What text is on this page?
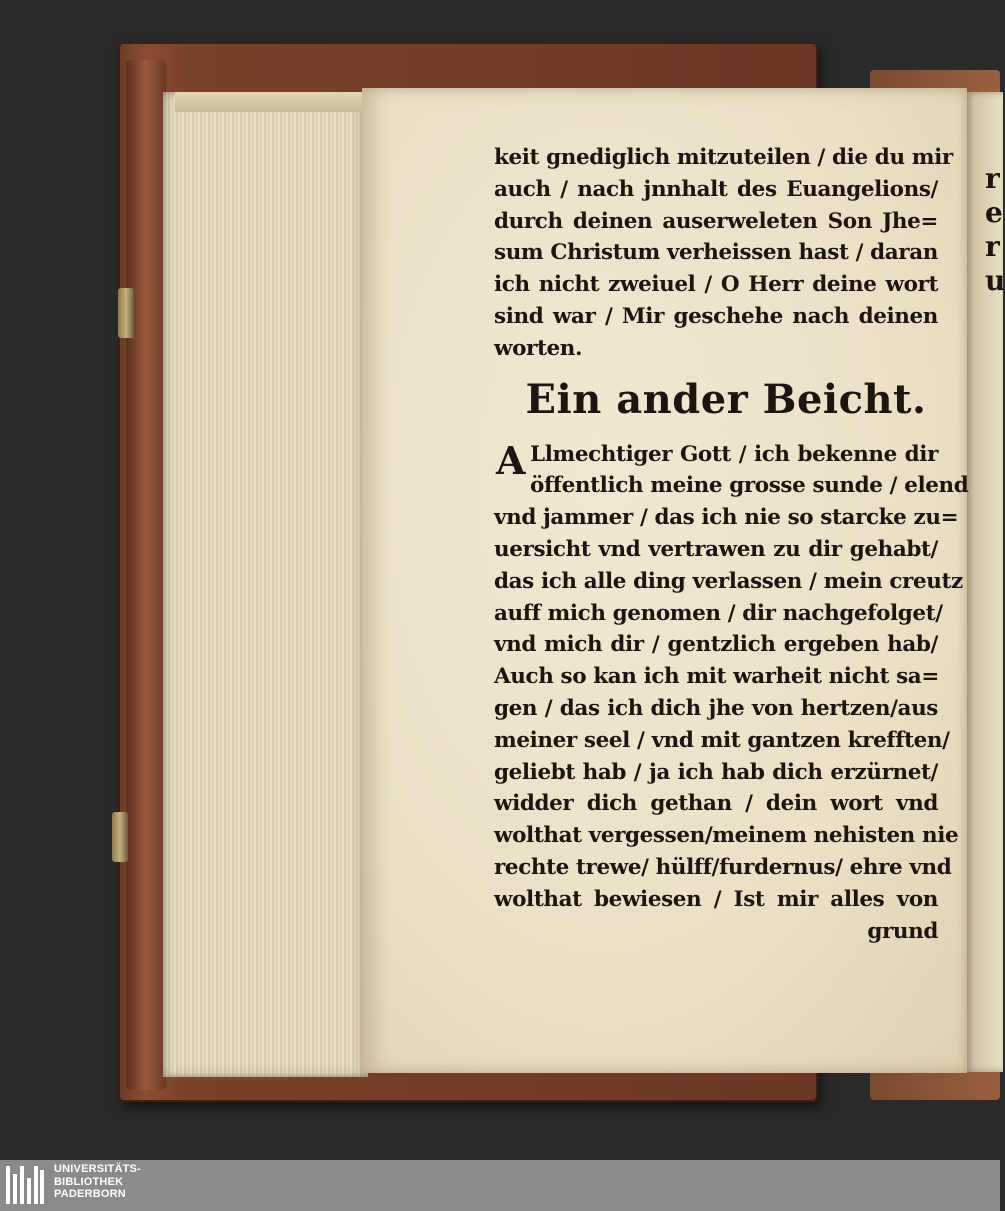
r
e
r
u
keit gnediglich mitzuteilen / die du mir
auch / nach jnnhalt des Euangelions/
durch deinen auserweleten Son Jhe=
sum Christum verheissen hast / daran
ich nicht zweiuel / O Herr deine wort
sind war / Mir geschehe nach deinen
worten.
Ein ander Beicht.
A Llmechtiger Gott / ich bekenne dir
öffentlich meine grosse sunde / elend
vnd jammer / das ich nie so starcke zu=
uersicht vnd vertrawen zu dir gehabt/
das ich alle ding verlassen / mein creutz
auff mich genomen / dir nachgefolget/
vnd mich dir / gentzlich ergeben hab/
Auch so kan ich mit warheit nicht sa=
gen / das ich dich jhe von hertzen/aus
meiner seel / vnd mit gantzen krefften/
geliebt hab / ja ich hab dich erzürnet/
widder dich gethan / dein wort vnd
wolthat vergessen/meinem nehisten nie
rechte trewe/ hülff/furdernus/ ehre vnd
wolthat bewiesen / Ist mir alles von
grund
UNIVERSITÄTS-
BIBLIOTHEK
PADERBORN
